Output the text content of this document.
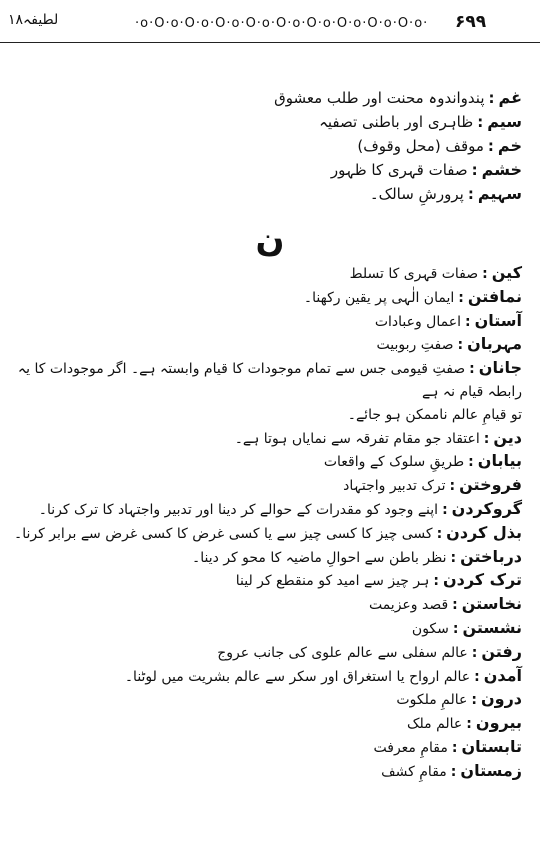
۶۹۹
·o·O·o·O·o·O·o·O·o·O·o·O·o·O·o·O·o·O·o·
لطیفہ۱۸
غم:پندواندوہ محنت اور طلب معشوق
سیم:ظاہری اور باطنی تصفیہ
خم:موقف (محل وقوف)
خشم:صفات قہری کا ظہور
سہیم:پرورشِ سالک۔
ن
کین:صفات قہری کا تسلط
نمافتن:ایمان الٰہی پر یقین رکھنا۔
آستان:اعمال وعبادات
مہربان:صفتِ ربوبیت
جانان:صفتِ قیومی جس سے تمام موجودات کا قیام وابستہ ہے۔ اگر موجودات کا یہ رابطہ قیام نہ ہے
تو قیامِ عالم ناممکن ہو جائے۔
دین:اعتقاد جو مقام تفرقہ سے نمایاں ہوتا ہے۔
بیابان:طریقِ سلوک کے واقعات
فروختن:ترک تدبیر واجتہاد
گروکردن:اپنے وجود کو مقدرات کے حوالے کر دینا اور تدبیر واجتہاد کا ترک کرنا۔
بذل کردن:کسی چیز کا کسی چیز سے یا کسی غرض کا کسی غرض سے برابر کرنا۔
درباختن:نظر باطن سے احوالِ ماضیہ کا محو کر دینا۔
ترک کردن:ہر چیز سے امید کو منقطع کر لینا
نخاستن:قصد وعزیمت
نشستن:سکون
رفتن:عالم سفلی سے عالم علوی کی جانب عروج
آمدن:عالم ارواح یا استغراق اور سکر سے عالم بشریت میں لوٹنا۔
درون:عالمِ ملکوت
بیرون:عالم ملک
تابستان:مقامِ معرفت
زمستان:مقامِ کشف
